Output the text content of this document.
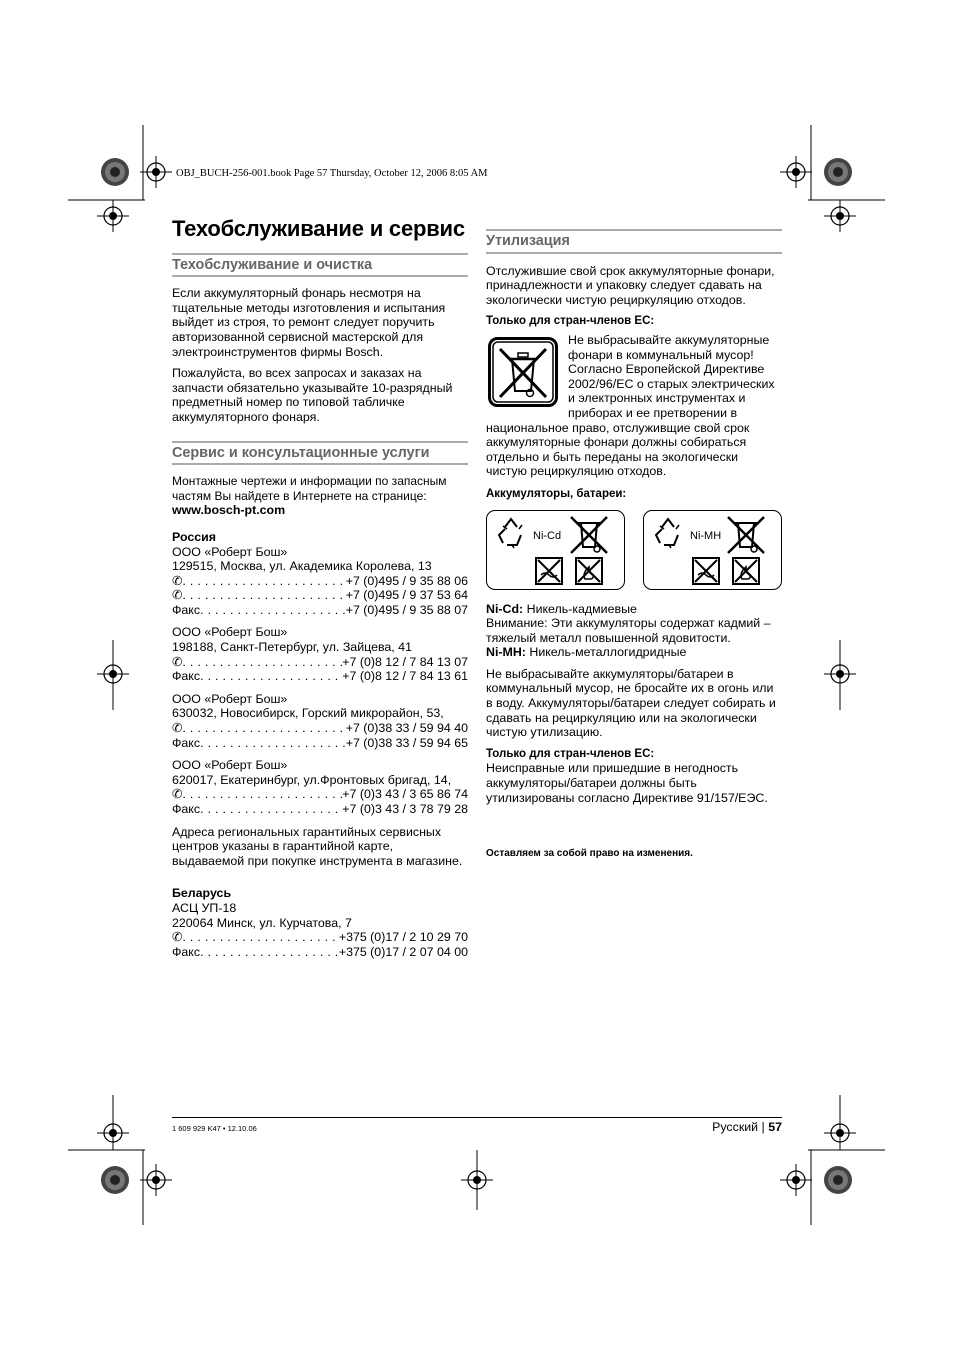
OBJ_BUCH-256-001.book Page 57 Thursday, October 12, 2006 8:05 AM
Техобслуживание и сервис
Техобслуживание и очистка

Если аккумуляторный фонарь несмотря на тщательные методы изготовления и испытания выйдет из строя, то ремонт следует поручить авторизованной сервисной мастерской для электроинструментов фирмы Bosch.

Пожалуйста, во всех запросах и заказах на запчасти обязательно указывайте 10-разрядный предметный номер по типовой табличке аккумуляторного фонаря.

Сервис и консультационные услуги
Монтажные чертежи и информации по запасным частям Вы найдете в Интернете на странице:
www.bosch-pt.com
Россия
ООО «Роберт Бош»
129515, Москва, ул. Академика Королева, 13
✆ . . .	+7 (0)495 / 9 35 88 06
✆ . . .	+7 (0)495 / 9 37 53 64
Факс . . .	+7 (0)495 / 9 35 88 07
ООО «Роберт Бош»
198188, Санкт-Петербург, ул. Зайцева, 41
✆ . . .	+7 (0)8 12 / 7 84 13 07
Факс . . .	+7 (0)8 12 / 7 84 13 61
ООО «Роберт Бош»
630032, Новосибирск, Горский микрорайон, 53,
✆ . . .	+7 (0)38 33 / 59 94 40
Факс . . .	+7 (0)38 33 / 59 94 65
ООО «Роберт Бош»
620017, Екатеринбург, ул.Фронтовых бригад, 14,
✆ . . .	+7 (0)3 43 / 3 65 86 74
Факс . . .	+7 (0)3 43 / 3 78 79 28

Адреса региональных гарантийных сервисных центров указаны в гарантийной карте, выдаваемой при покупке инструмента в магазине.

Беларусь
АСЦ УП-18
220064 Минск, ул. Курчатова, 7
✆ . . .	+375 (0)17 / 2 10 29 70
Факс . . .	+375 (0)17 / 2 07 04 00
Утилизация

Отслужившие свой срок аккумуляторные фонари, принадлежности и упаковку следует сдавать на экологически чистую рециркуляцию отходов.

Только для стран-членов ЕС:
Не выбрасывайте аккумуляторные фонари в коммунальный мусор! Согласно Европейской Директиве 2002/96/ЕС о старых электрических и электронных инструментах и приборах и ее претворении в национальное право, отслуживщие свой срок аккумуляторные фонари должны собираться отдельно и быть переданы на экологически чистую рециркуляцию отходов.
Аккумуляторы, батареи:
Ni-Cd	Ni-MH
Ni-Cd: Никель-кадмиевые
Внимание: Эти аккумуляторы содержат кадмий – тяжелый металл повышенной ядовитости.
Ni-MH: Никель-металлогидридные

Не выбрасывайте аккумуляторы/батареи в коммунальный мусор, не бросайте их в огонь или в воду. Аккумуляторы/батареи следует собирать и сдавать на рециркуляцию или на экологически чистую утилизацию.

Только для стран-членов ЕС:

Неисправные или пришедшие в негодность аккумуляторы/батареи должны быть утилизированы согласно Директиве 91/157/ЕЭС.

Оставляем за собой право на изменения.
1 609 929 K47 • 12.10.06	Русский | 57
